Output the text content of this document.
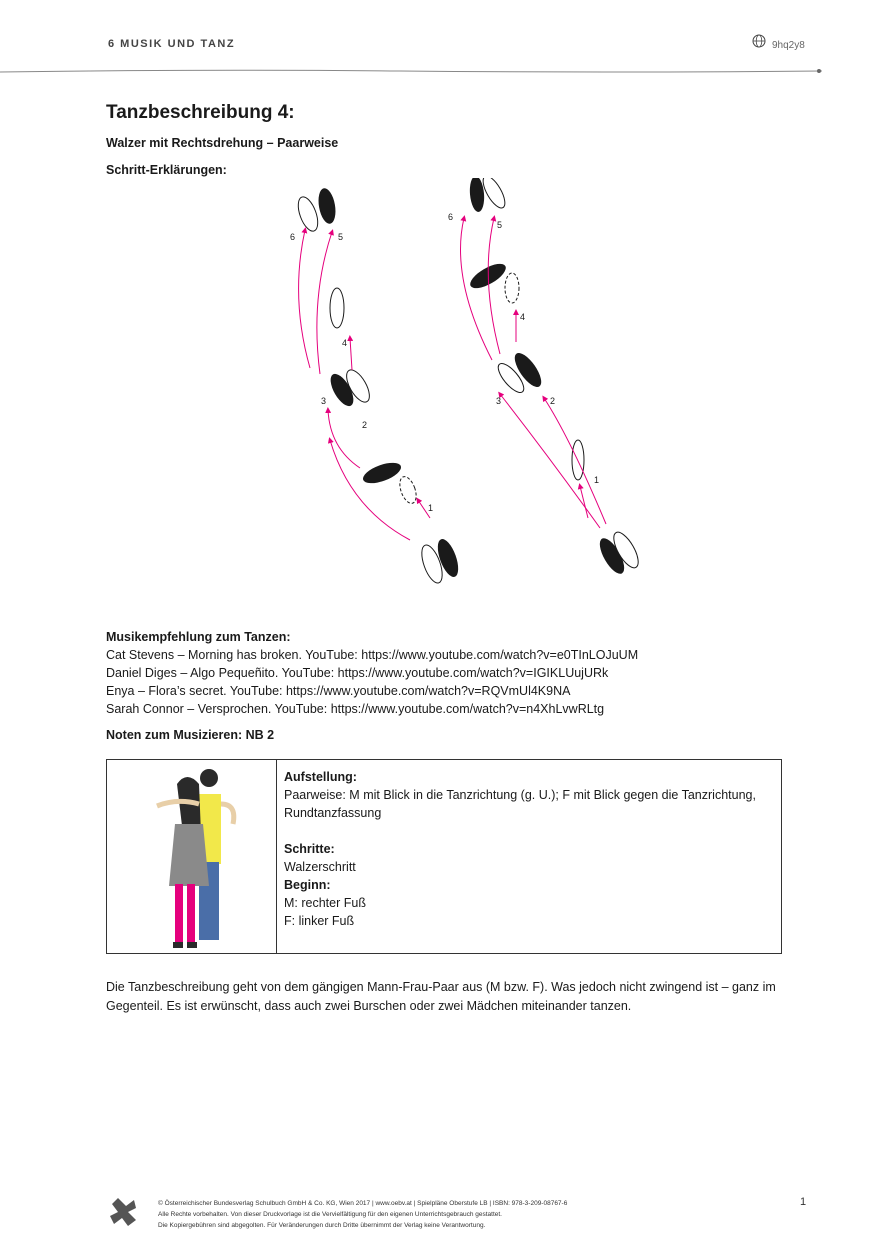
6 MUSIK UND TANZ	9hq2y8
Tanzbeschreibung 4:
Walzer mit Rechtsdrehung – Paarweise
Schritt-Erklärungen:
6	5
4
3
2
1
6
5
4
3	2
1
Musikempfehlung zum Tanzen:
Cat Stevens – Morning has broken. YouTube: https://www.youtube.com/watch?v=e0TInLOJuUM
Daniel Diges – Algo Pequeñito. YouTube: https://www.youtube.com/watch?v=IGIKLUujURk
Enya – Flora’s secret. YouTube: https://www.youtube.com/watch?v=RQVmUl4K9NA
Sarah Connor – Versprochen. YouTube: https://www.youtube.com/watch?v=n4XhLvwRLtg
Noten zum Musizieren: NB 2
Aufstellung:
Paarweise: M mit Blick in die Tanzrichtung (g. U.); F mit Blick gegen die Tanzrichtung, Rundtanzfassung
Schritte:
Walzerschritt
Beginn:
M: rechter Fuß
F: linker Fuß
Die Tanzbeschreibung geht von dem gängigen Mann-Frau-Paar aus (M bzw. F). Was jedoch nicht zwingend ist – ganz im Gegenteil. Es ist erwünscht, dass auch zwei Burschen oder zwei Mädchen miteinander tanzen.
© Österreichischer Bundesverlag Schulbuch GmbH & Co. KG, Wien 2017 | www.oebv.at | Spielpläne Oberstufe LB | ISBN: 978-3-209-08767-6
Alle Rechte vorbehalten. Von dieser Druckvorlage ist die Vervielfältigung für den eigenen Unterrichtsgebrauch gestattet.
Die Kopiergebühren sind abgegolten. Für Veränderungen durch Dritte übernimmt der Verlag keine Verantwortung.
1
